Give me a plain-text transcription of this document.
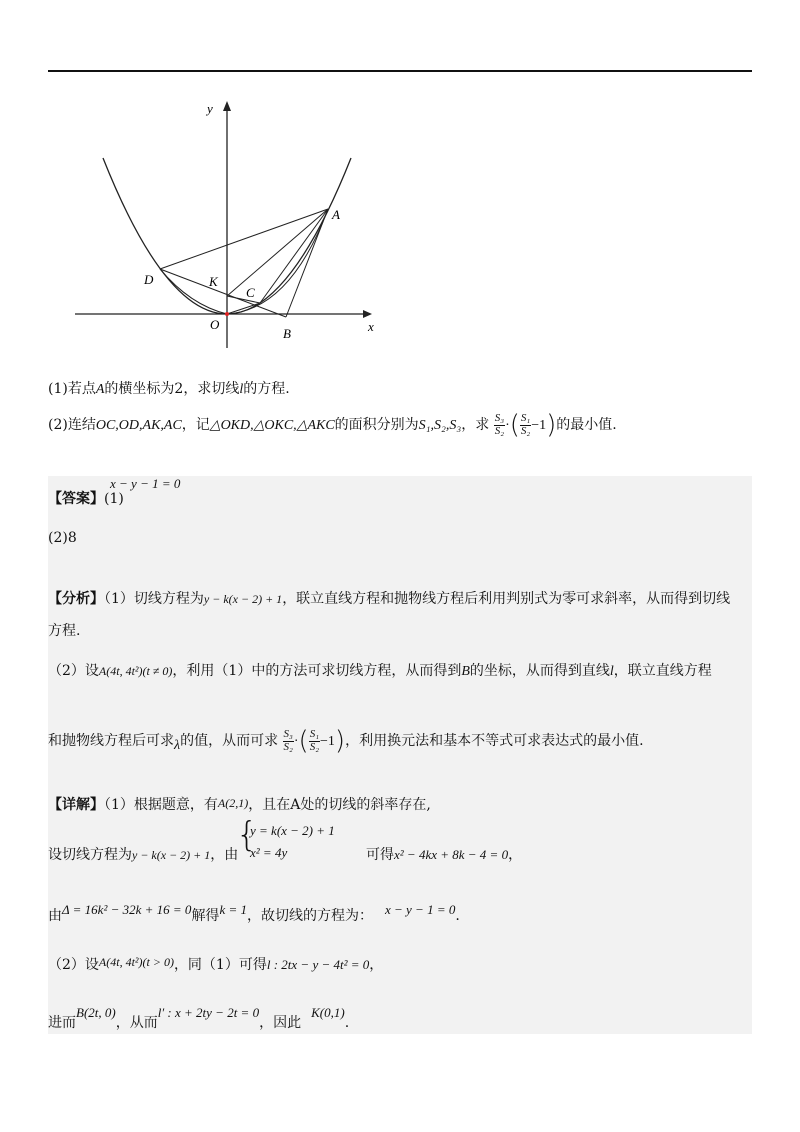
y
x
A
D	K
C
O
B
(1)若点A的横坐标为2，求切线l的方程.
(2)连结OC,OD,AK,AC，记△OKD,△OKC,△AKC的面积分别为S₁,S₂,S₃，求 $\frac{\text{S₃}}{\text{S₂}}$ ·( $\frac{\text{S₁}}{\text{S₂}} -1$)的最小值.
【答案】(1)
x − y − 1 = 0
(2)8
【分析】（1）切线方程为y − k(x − 2) + 1，联立直线方程和抛物线方程后利用判别式为零可求斜率，从而得到切线
方程.
（2）设A(4t, 4t²)(t ≠ 0)，利用（1）中的方法可求切线方程，从而得到B的坐标，从而得到直线l，联立直线方程
和抛物线方程后可求λ的值，从而可求 $\frac{\text{S₃}}{\text{S₂}}$ ·( $\frac{\text{S₁}}{\text{S₂}} -1$)，利用换元法和基本不等式可求表达式的最小值.
【详解】（1）根据题意，有A(2,1)，且在A处的切线的斜率存在,
设切线方程为y − k(x − 2) + 1，由
{
y = k(x − 2) + 1
x² = 4y	可得x² − 4kx + 8k − 4 = 0，
由Δ = 16k² − 32k + 16 = 0解得k = 1，故切线的方程为： x − y − 1 = 0.
（2）设A(4t, 4t²)(t > 0)，同（1）可得l : 2tx − y − 4t² = 0，
进而B(2t, 0)，从而l′ : x + 2ty − 2t = 0，因此K(0,1).
